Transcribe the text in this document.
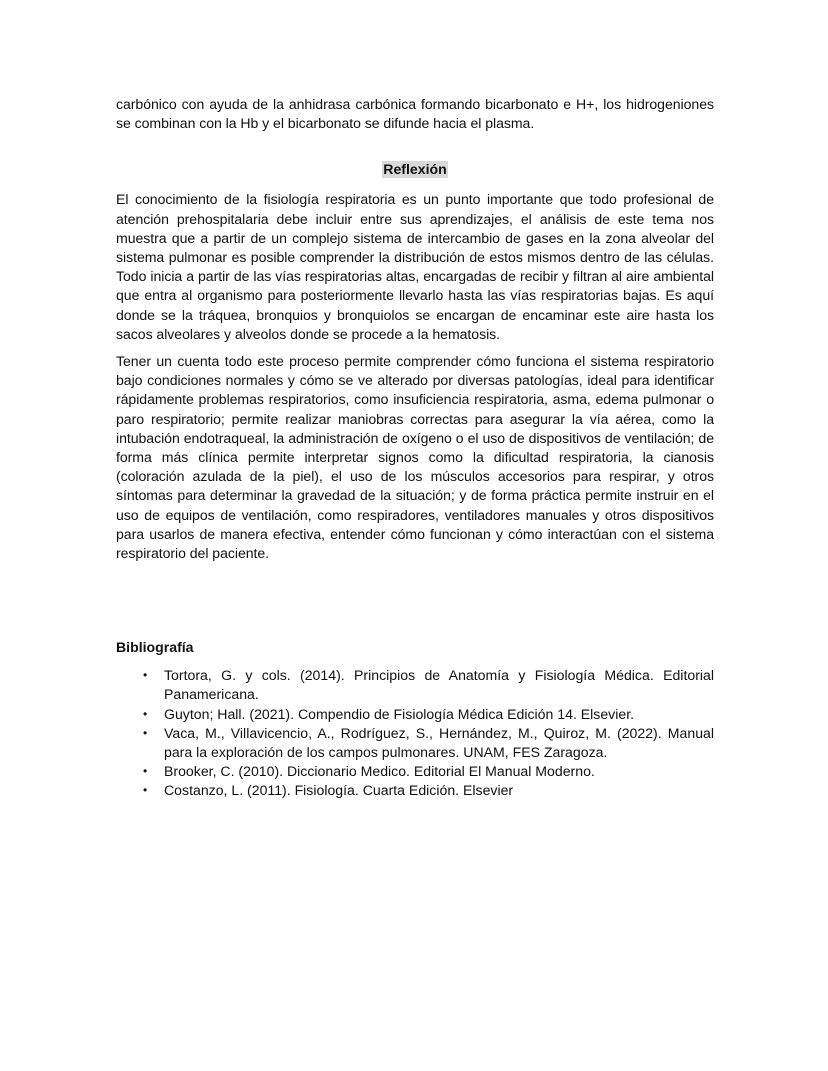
carbónico con ayuda de la anhidrasa carbónica formando bicarbonato e H+, los hidrogeniones se combinan con la Hb y el bicarbonato se difunde hacia el plasma.

Reflexión

El conocimiento de la fisiología respiratoria es un punto importante que todo profesional de atención prehospitalaria debe incluir entre sus aprendizajes, el análisis de este tema nos muestra que a partir de un complejo sistema de intercambio de gases en la zona alveolar del sistema pulmonar es posible comprender la distribución de estos mismos dentro de las células. Todo inicia a partir de las vías respiratorias altas, encargadas de recibir y filtran al aire ambiental que entra al organismo para posteriormente llevarlo hasta las vías respiratorias bajas. Es aquí donde se la tráquea, bronquios y bronquiolos se encargan de encaminar este aire hasta los sacos alveolares y alveolos donde se procede a la hematosis.

Tener un cuenta todo este proceso permite comprender cómo funciona el sistema respiratorio bajo condiciones normales y cómo se ve alterado por diversas patologías, ideal para identificar rápidamente problemas respiratorios, como insuficiencia respiratoria, asma, edema pulmonar o paro respiratorio; permite realizar maniobras correctas para asegurar la vía aérea, como la intubación endotraqueal, la administración de oxígeno o el uso de dispositivos de ventilación; de forma más clínica permite interpretar signos como la dificultad respiratoria, la cianosis (coloración azulada de la piel), el uso de los músculos accesorios para respirar, y otros síntomas para determinar la gravedad de la situación; y de forma práctica permite instruir en el uso de equipos de ventilación, como respiradores, ventiladores manuales y otros dispositivos para usarlos de manera efectiva, entender cómo funcionan y cómo interactúan con el sistema respiratorio del paciente.

Bibliografía
• Tortora, G. y cols. (2014). Principios de Anatomía y Fisiología Médica. Editorial Panamericana.
• Guyton; Hall. (2021). Compendio de Fisiología Médica Edición 14. Elsevier.
• Vaca, M., Villavicencio, A., Rodríguez, S., Hernández, M., Quiroz, M. (2022). Manual para la exploración de los campos pulmonares. UNAM, FES Zaragoza.
• Brooker, C. (2010). Diccionario Medico. Editorial El Manual Moderno.
• Costanzo, L. (2011). Fisiología. Cuarta Edición. Elsevier
